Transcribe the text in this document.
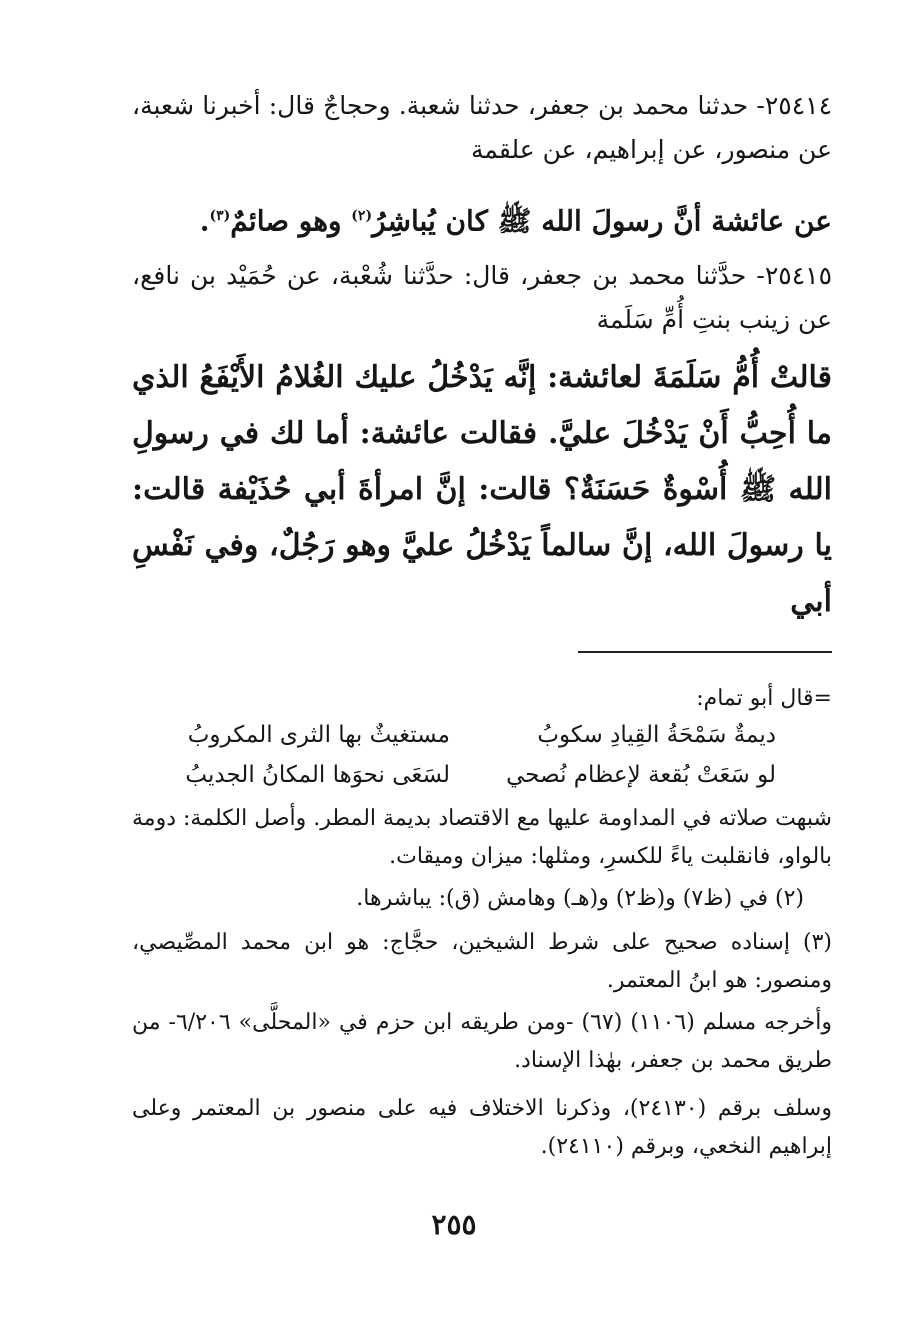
٢٥٤١٤- حدثنا محمد بن جعفر، حدثنا شعبة. وحجاجٌ قال: أخبرنا شعبة، عن منصور، عن إبراهيم، عن علقمة

عن عائشة أنَّ رسولَ الله ﷺ كان يُباشِرُ$^{(٢)}$ وهو صائمٌ$^{(٣)}$.

٢٥٤١٥- حدَّثنا محمد بن جعفر، قال: حدَّثنا شُعْبة، عن حُمَيْد بن نافع، عن زينب بنتِ أُمِّ سَلَمة

قالتْ أُمُّ سَلَمَةَ لعائشة: إنَّه يَدْخُلُ عليك الغُلامُ الأَيْفَعُ الذي ما أُحِبُّ أَنْ يَدْخُلَ عليَّ. فقالت عائشة: أما لك في رسولِ الله ﷺ أُسْوةٌ حَسَنَةٌ؟ قالت: إنَّ امرأةَ أبي حُذَيْفة قالت: يا رسولَ الله، إنَّ سالماً يَدْخُلُ عليَّ وهو رَجُلٌ، وفي نَفْسِ أبي

=قال أبو تمام:

ديمةٌ سَمْحَةُ القِيادِ سكوبُ
مستغيثٌ بها الثرى المكروبُ
لو سَعَتْ بُقعة لإعظام نُصحي
لسَعَى نحوَها المكانُ الجديبُ

شبهت صلاته في المداومة عليها مع الاقتصاد بديمة المطر. وأصل الكلمة: دومة بالواو، فانقلبت ياءً للكسرِ، ومثلها: ميزان وميقات.

(٢) في (ظ٧) و(ظ٢) و(هـ) وهامش (ق): يباشرها.

(٣) إسناده صحيح على شرط الشيخين، حجَّاج: هو ابن محمد المصِّيصي، ومنصور: هو ابنُ المعتمر.

وأخرجه مسلم (١١٠٦) (٦٧) -ومن طريقه ابن حزم في «المحلَّى» ٦/٢٠٦- من طريق محمد بن جعفر، بهٰذا الإسناد.

وسلف برقم (٢٤١٣٠)، وذكرنا الاختلاف فيه على منصور بن المعتمر وعلى إبراهيم النخعي، وبرقم (٢٤١١٠).

٢٥٥
